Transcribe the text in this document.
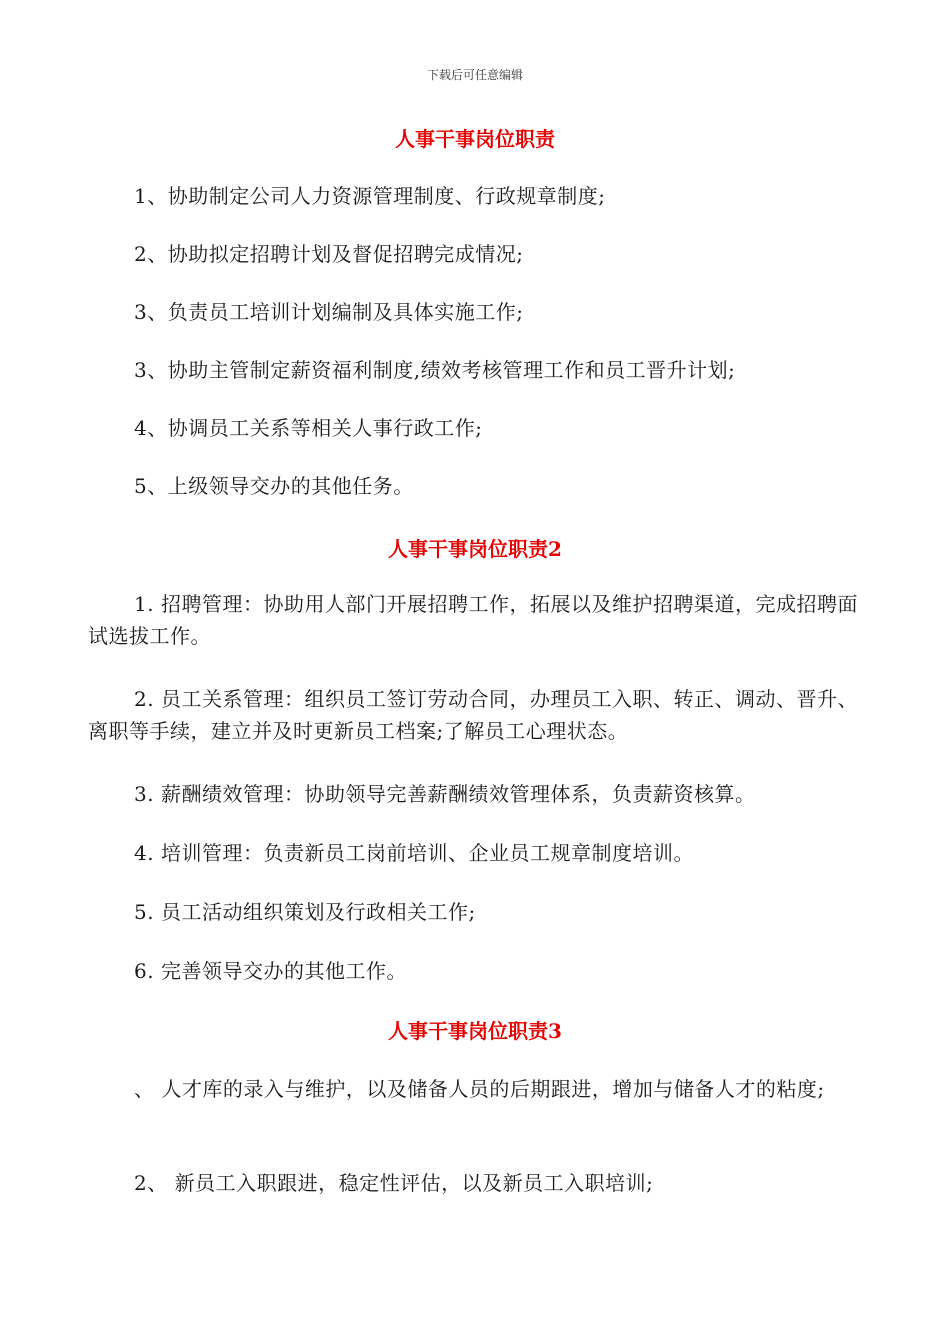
下载后可任意编辑
人事干事岗位职责

1、协助制定公司人力资源管理制度、行政规章制度;

2、协助拟定招聘计划及督促招聘完成情况;

3、负责员工培训计划编制及具体实施工作;

3、协助主管制定薪资福利制度,绩效考核管理工作和员工晋升计划;

4、协调员工关系等相关人事行政工作;

5、上级领导交办的其他任务。

人事干事岗位职责2

1. 招聘管理：协助用人部门开展招聘工作，拓展以及维护招聘渠道，完成招聘面试选拔工作。

2. 员工关系管理：组织员工签订劳动合同，办理员工入职、转正、调动、晋升、离职等手续，建立并及时更新员工档案;了解员工心理状态。

3. 薪酬绩效管理：协助领导完善薪酬绩效管理体系，负责薪资核算。

4. 培训管理：负责新员工岗前培训、企业员工规章制度培训。

5. 员工活动组织策划及行政相关工作;

6. 完善领导交办的其他工作。

人事干事岗位职责3

、 人才库的录入与维护，以及储备人员的后期跟进，增加与储备人才的粘度;

2、 新员工入职跟进，稳定性评估，以及新员工入职培训;
